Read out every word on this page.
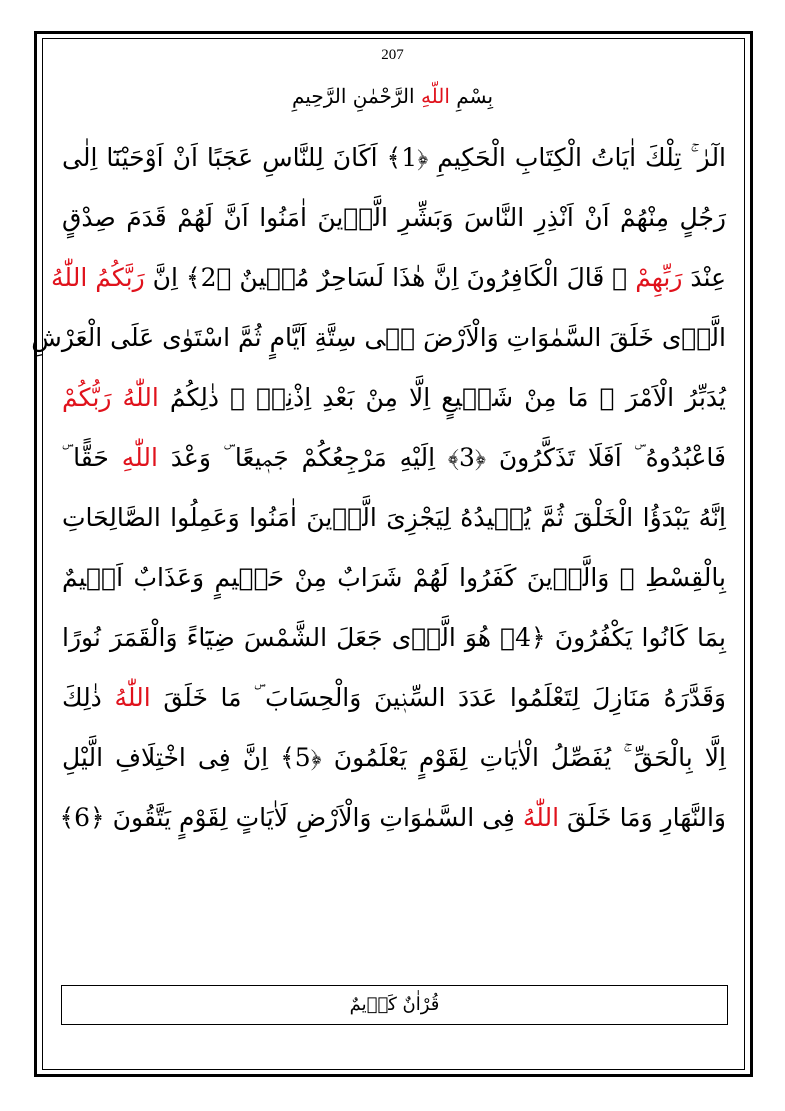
207
بِسْمِ اللّهِ الرَّحْمٰنِ الرَّحِيمِ
الٓرٰ ۚ تِلْكَ اٰيَاتُ الْكِتَابِ الْحَكِيمِ ﴿1﴾ اَكَانَ لِلنَّاسِ عَجَبًا اَنْ اَوْحَيْنَٓا اِلٰى
رَجُلٍ مِنْهُمْ اَنْ اَنْذِرِ النَّاسَ وَبَشِّرِ الَّذٖينَ اٰمَنُوا اَنَّ لَهُمْ قَدَمَ صِدْقٍ
عِنْدَ رَبِّهِمْ ۜ قَالَ الْكَافِرُونَ اِنَّ هٰذَا لَسَاحِرٌ مُبٖينٌ ﴿2﴾ اِنَّ رَبَّكُمُ اللّٰهُ
الَّذٖى خَلَقَ السَّمٰوَاتِ وَالْاَرْضَ فٖى سِتَّةِ اَيَّامٍ ثُمَّ اسْتَوٰى عَلَى الْعَرْشِ
يُدَبِّرُ الْاَمْرَ ۜ مَا مِنْ شَفٖيعٍ اِلَّا مِنْ بَعْدِ اِذْنِهٖ ۜ ذٰلِكُمُ اللّٰهُ رَبُّكُمْ
فَاعْبُدُوهُ ۜ اَفَلَا تَذَكَّرُونَ ﴿3﴾ اِلَيْهِ مَرْجِعُكُمْ جَمٖيعًا ۜ وَعْدَ اللّٰهِ حَقًّا ۜ
اِنَّهُ يَبْدَؤُا الْخَلْقَ ثُمَّ يُعٖيدُهُ لِيَجْزِىَ الَّذٖينَ اٰمَنُوا وَعَمِلُوا الصَّالِحَاتِ
بِالْقِسْطِ ۜ وَالَّذٖينَ كَفَرُوا لَهُمْ شَرَابٌ مِنْ حَمٖيمٍ وَعَذَابٌ اَلٖيمٌ
بِمَا كَانُوا يَكْفُرُونَ ﴿4﴾ هُوَ الَّذٖى جَعَلَ الشَّمْسَ ضِيَٓاءً وَالْقَمَرَ نُورًا
وَقَدَّرَهُ مَنَازِلَ لِتَعْلَمُوا عَدَدَ السِّنٖينَ وَالْحِسَابَ ۜ مَا خَلَقَ اللّٰهُ ذٰلِكَ
اِلَّا بِالْحَقِّ ۚ يُفَصِّلُ الْاٰيَاتِ لِقَوْمٍ يَعْلَمُونَ ﴿5﴾ اِنَّ فِى اخْتِلَافِ الَّيْلِ
وَالنَّهَارِ وَمَا خَلَقَ اللّٰهُ فِى السَّمٰوَاتِ وَالْاَرْضِ لَاٰيَاتٍ لِقَوْمٍ يَتَّقُونَ ﴿6﴾
قُرْاٰنٌ كَرٖيمٌ
